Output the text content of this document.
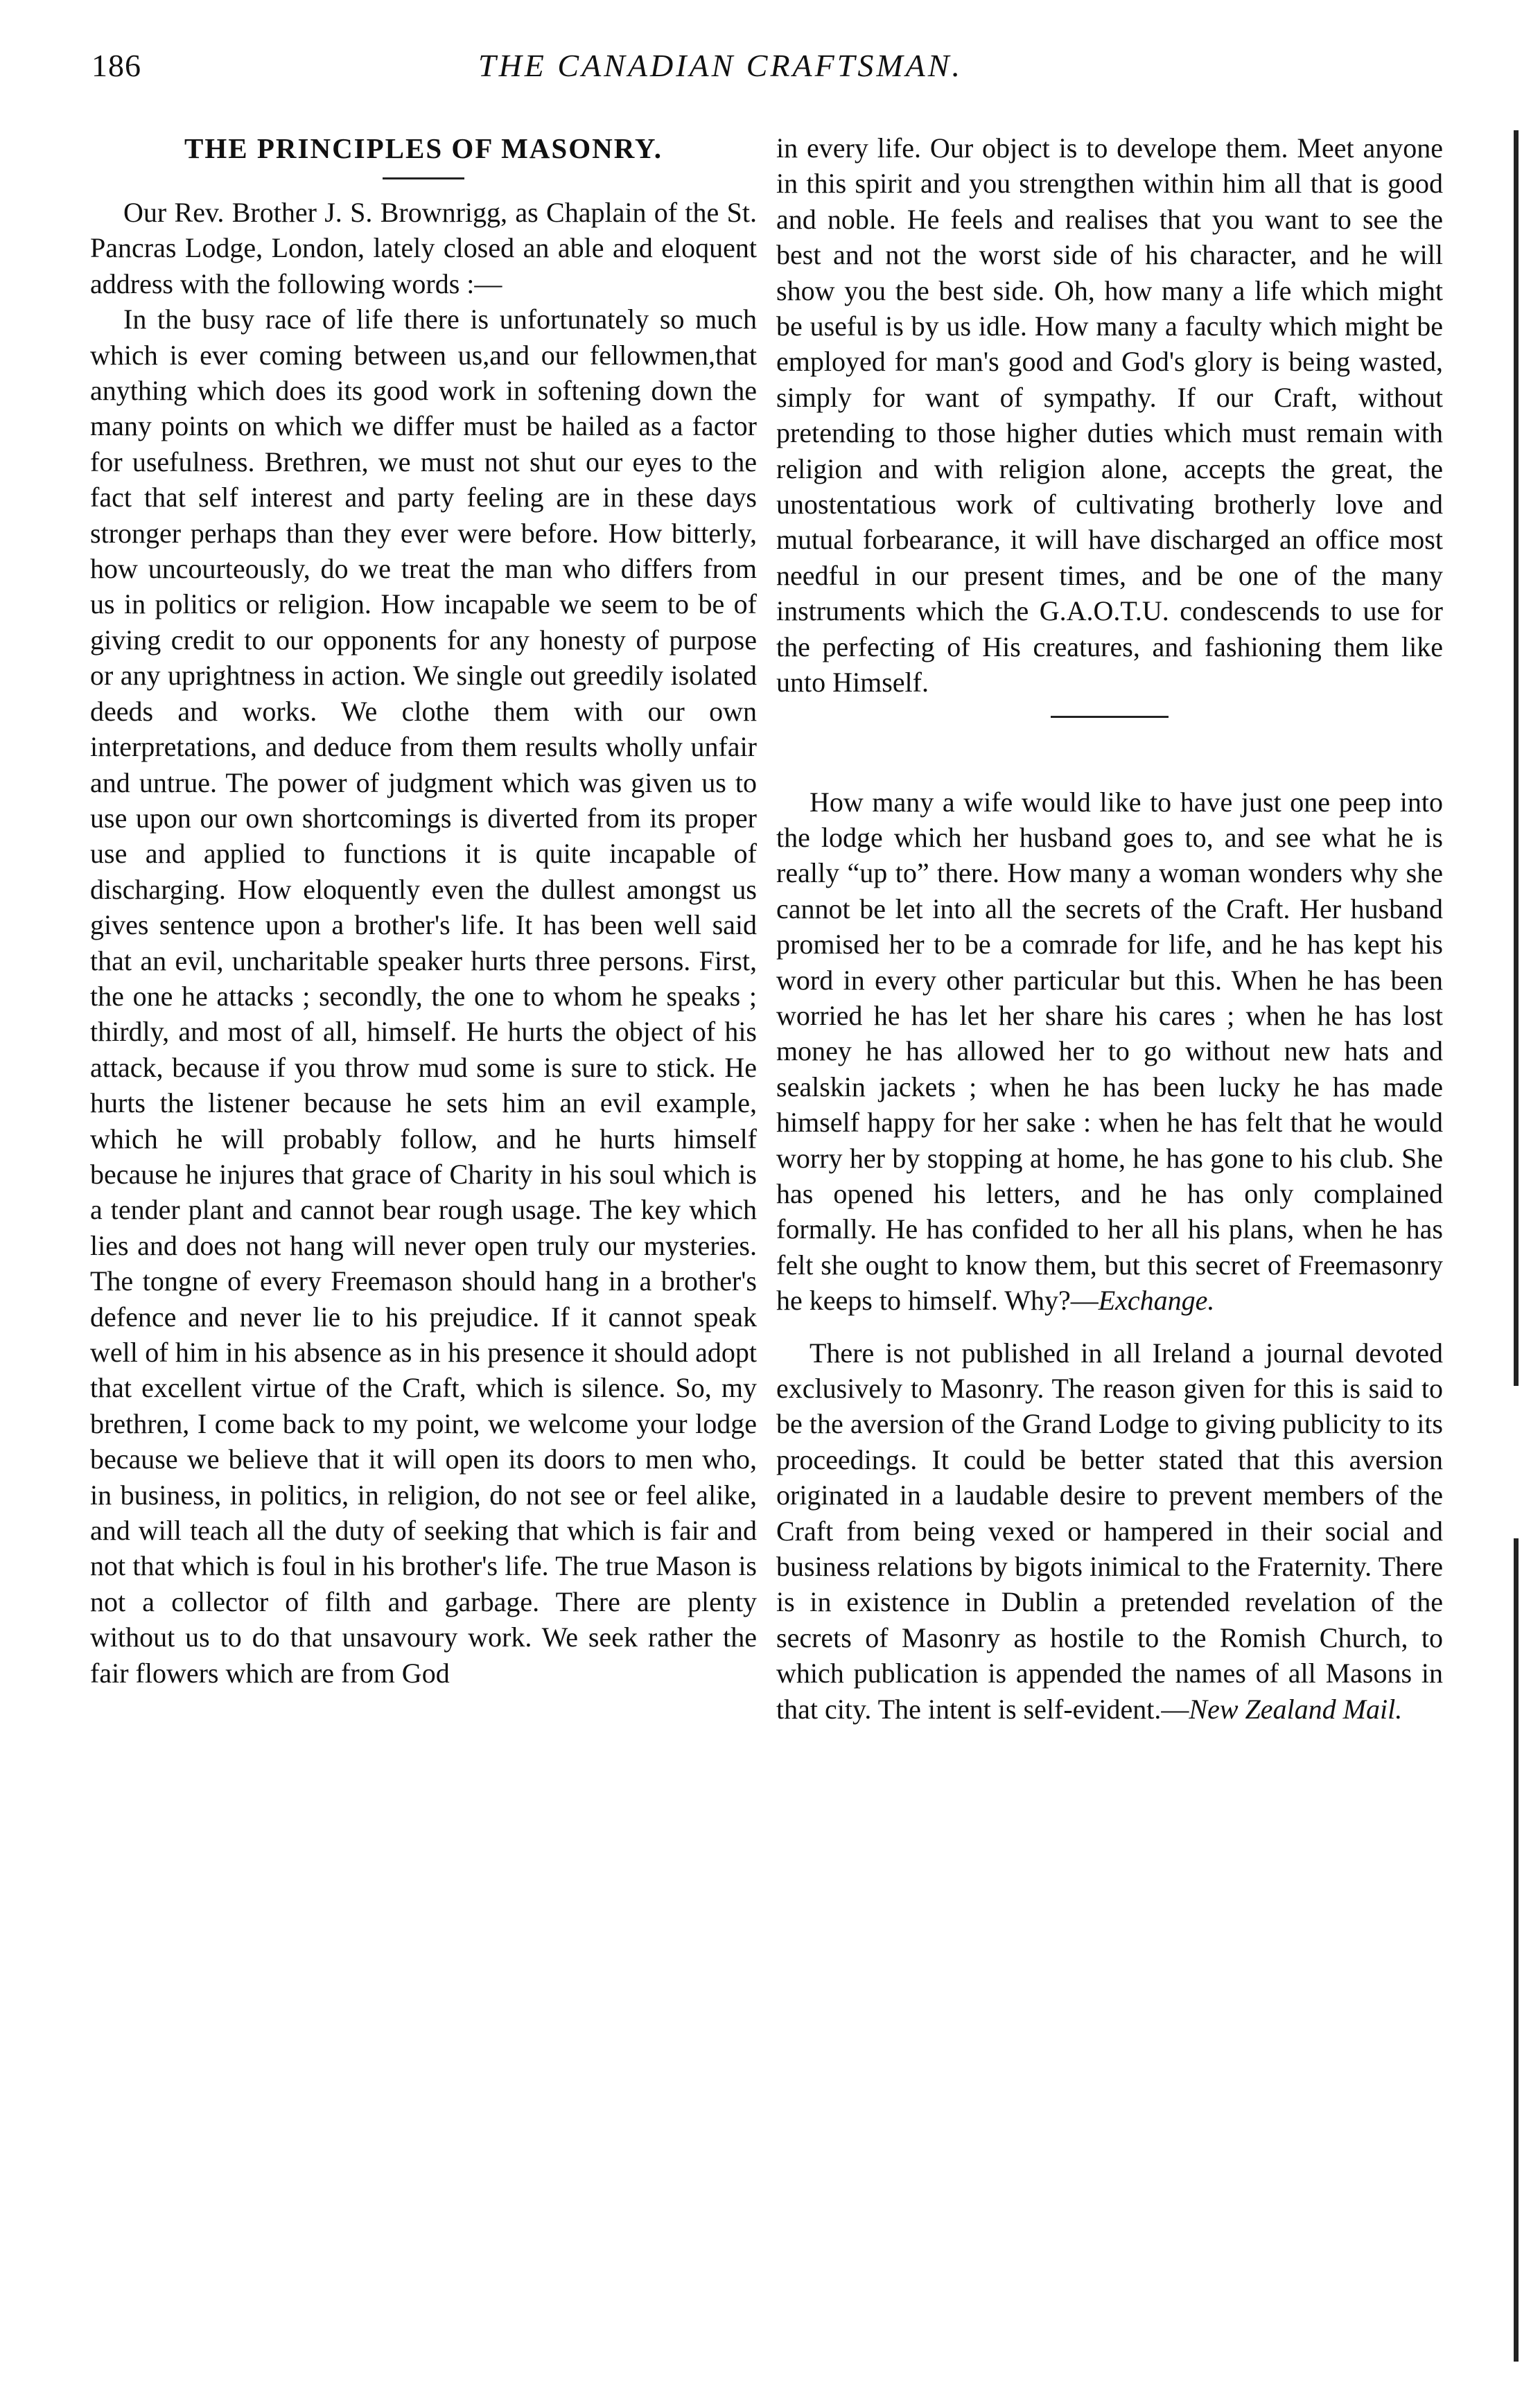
186	THE CANADIAN CRAFTSMAN.
THE PRINCIPLES OF MASONRY.

Our Rev. Brother J. S. Brownrigg, as Chaplain of the St. Pancras Lodge, London, lately closed an able and eloquent address with the following words :—

In the busy race of life there is unfortunately so much which is ever coming between us,and our fellowmen,that anything which does its good work in softening down the many points on which we differ must be hailed as a factor for usefulness. Brethren, we must not shut our eyes to the fact that self interest and party feeling are in these days stronger perhaps than they ever were before. How bitterly, how uncourteously, do we treat the man who differs from us in politics or religion. How incapable we seem to be of giving credit to our opponents for any honesty of purpose or any uprightness in action. We single out greedily isolated deeds and works. We clothe them with our own interpretations, and deduce from them results wholly unfair and untrue. The power of judgment which was given us to use upon our own shortcomings is diverted from its proper use and applied to functions it is quite incapable of discharging. How eloquently even the dullest amongst us gives sentence upon a brother's life. It has been well said that an evil, uncharitable speaker hurts three persons. First, the one he attacks ; secondly, the one to whom he speaks ; thirdly, and most of all, himself. He hurts the object of his attack, because if you throw mud some is sure to stick. He hurts the listener because he sets him an evil example, which he will probably follow, and he hurts himself because he injures that grace of Charity in his soul which is a tender plant and cannot bear rough usage. The key which lies and does not hang will never open truly our mysteries. The tongne of every Freemason should hang in a brother's defence and never lie to his prejudice. If it cannot speak well of him in his absence as in his presence it should adopt that excellent virtue of the Craft, which is silence. So, my brethren, I come back to my point, we welcome your lodge because we believe that it will open its doors to men who, in business, in politics, in religion, do not see or feel alike, and will teach all the duty of seeking that which is fair and not that which is foul in his brother's life. The true Mason is not a collector of filth and garbage. There are plenty without us to do that unsavoury work. We seek rather the fair flowers which are from God

in every life. Our object is to develope them. Meet anyone in this spirit and you strengthen within him all that is good and noble. He feels and realises that you want to see the best and not the worst side of his character, and he will show you the best side. Oh, how many a life which might be useful is by us idle. How many a faculty which might be employed for man's good and God's glory is being wasted, simply for want of sympathy. If our Craft, without pretending to those higher duties which must remain with religion and with religion alone, accepts the great, the unostentatious work of cultivating brotherly love and mutual forbearance, it will have discharged an office most needful in our present times, and be one of the many instruments which the G.A.O.T.U. condescends to use for the perfecting of His creatures, and fashioning them like unto Himself.

How many a wife would like to have just one peep into the lodge which her husband goes to, and see what he is really “up to” there. How many a woman wonders why she cannot be let into all the secrets of the Craft. Her husband promised her to be a comrade for life, and he has kept his word in every other particular but this. When he has been worried he has let her share his cares ; when he has lost money he has allowed her to go without new hats and sealskin jackets ; when he has been lucky he has made himself happy for her sake : when he has felt that he would worry her by stopping at home, he has gone to his club. She has opened his letters, and he has only complained formally. He has confided to her all his plans, when he has felt she ought to know them, but this secret of Freemasonry he keeps to himself. Why?—Exchange.

There is not published in all Ireland a journal devoted exclusively to Masonry. The reason given for this is said to be the aversion of the Grand Lodge to giving publicity to its proceedings. It could be better stated that this aversion originated in a laudable desire to prevent members of the Craft from being vexed or hampered in their social and business relations by bigots inimical to the Fraternity. There is in existence in Dublin a pretended revelation of the secrets of Masonry as hostile to the Romish Church, to which publication is appended the names of all Masons in that city. The intent is self-evident.—New Zealand Mail.
